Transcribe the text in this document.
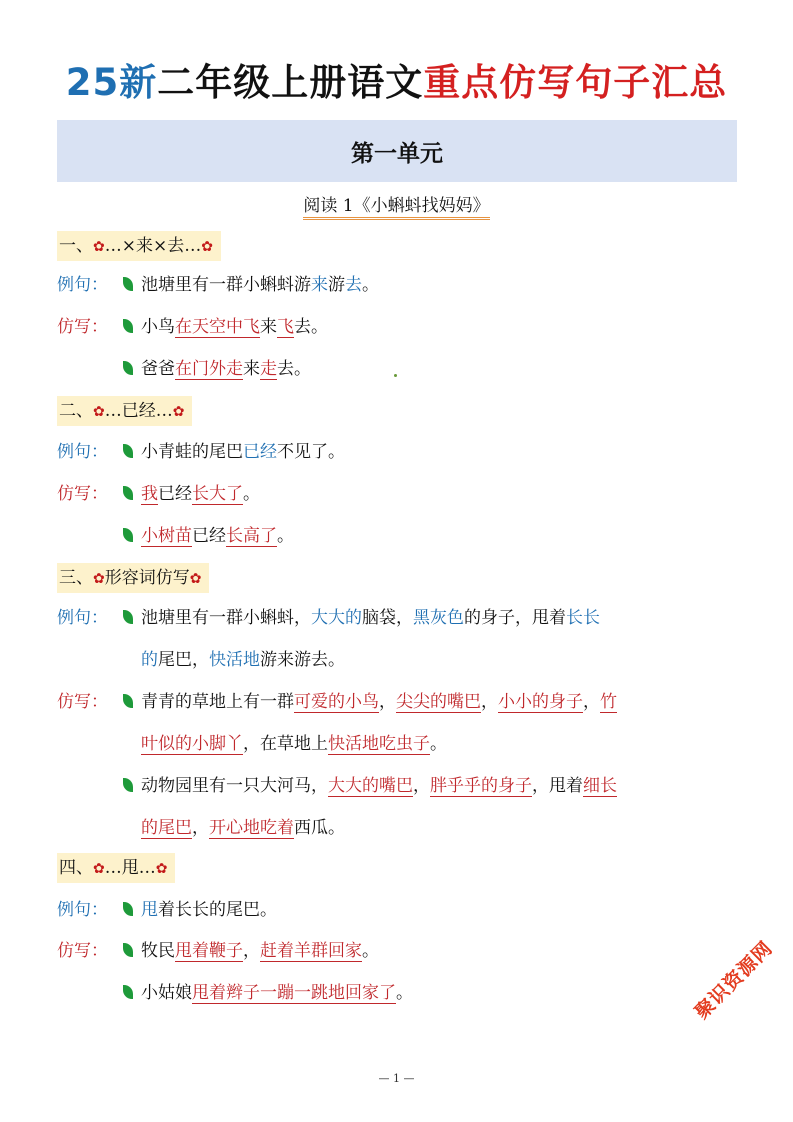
25新二年级上册语文重点仿写句子汇总
第一单元
阅读 1《小蝌蚪找妈妈》
一、✿…×来×去…✿
例句： 池塘里有一群小蝌蚪游来游去。
仿写： 小鸟在天空中飞来飞去。
爸爸在门外走来走去。
二、✿…已经…✿
例句： 小青蛙的尾巴已经不见了。
仿写： 我已经长大了。
小树苗已经长高了。
三、✿形容词仿写✿
例句： 池塘里有一群小蝌蚪，大大的脑袋，黑灰色的身子，甩着长长
的尾巴，快活地游来游去。
仿写： 青青的草地上有一群可爱的小鸟，尖尖的嘴巴，小小的身子，竹
叶似的小脚丫，在草地上快活地吃虫子。
动物园里有一只大河马，大大的嘴巴，胖乎乎的身子，甩着细长
的尾巴，开心地吃着西瓜。
四、✿…甩…✿
例句： 甩着长长的尾巴。
仿写： 牧民甩着鞭子，赶着羊群回家。
小姑娘甩着辫子一蹦一跳地回家了。	聚识资源网
— 1 —
